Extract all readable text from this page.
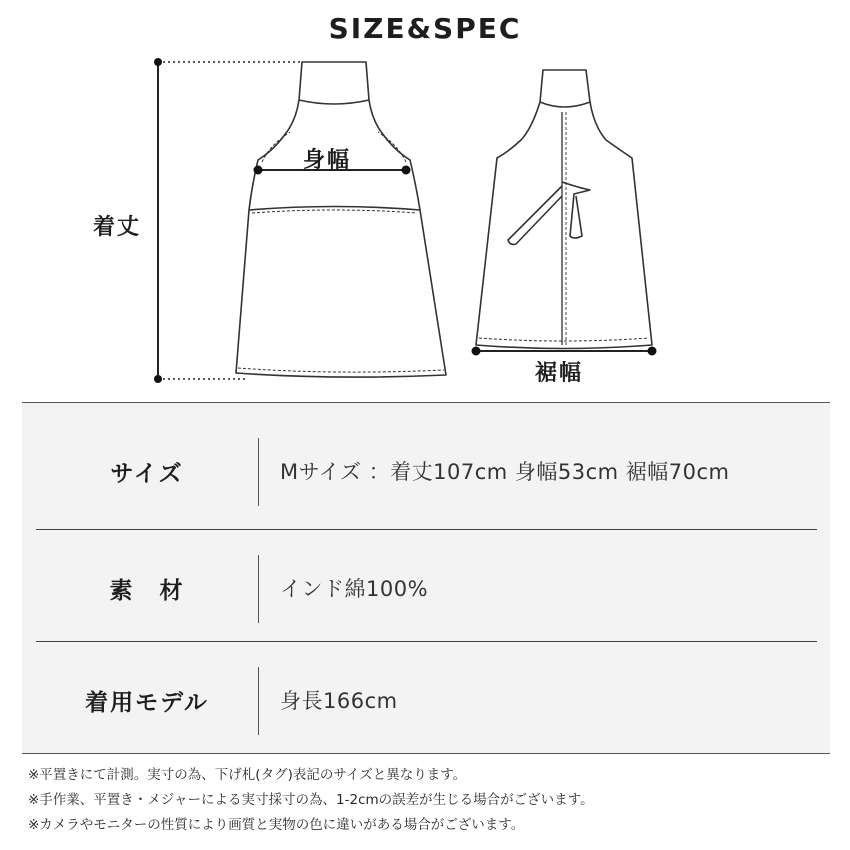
SIZE&SPEC
着丈
身幅
裾幅
サイズ	Mサイズ ：着丈107cm 身幅53cm 裾幅70cm
素　材	インド綿100%
着用モデル	身長166cm
※平置きにて計測。実寸の為、下げ札(タグ)表記のサイズと異なります。
※手作業、平置き・メジャーによる実寸採寸の為、1-2cmの誤差が生じる場合がございます。
※カメラやモニターの性質により画質と実物の色に違いがある場合がございます。
